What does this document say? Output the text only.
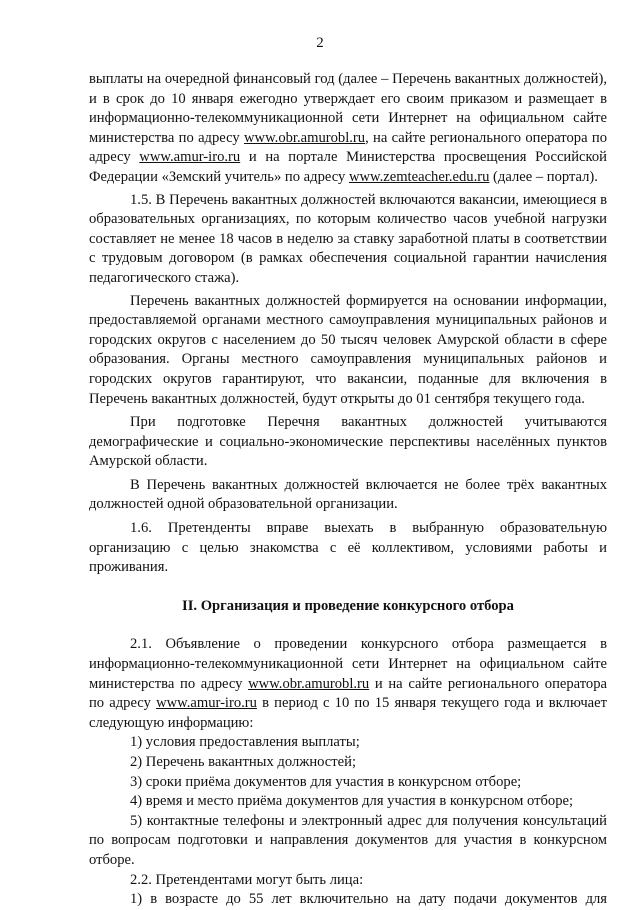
2

выплаты на очередной финансовый год (далее – Перечень вакантных должностей), и в срок до 10 января ежегодно утверждает его своим приказом и размещает в информационно-телекоммуникационной сети Интернет на официальном сайте министерства по адресу www.obr.amurobl.ru, на сайте регионального оператора по адресу www.amur-iro.ru и на портале Министерства просвещения Российской Федерации «Земский учитель» по адресу www.zemteacher.edu.ru (далее – портал).

1.5. В Перечень вакантных должностей включаются вакансии, имеющиеся в образовательных организациях, по которым количество часов учебной нагрузки составляет не менее 18 часов в неделю за ставку заработной платы в соответствии с трудовым договором (в рамках обеспечения социальной гарантии начисления педагогического стажа).

Перечень вакантных должностей формируется на основании информации, предоставляемой органами местного самоуправления муниципальных районов и городских округов с населением до 50 тысяч человек Амурской области в сфере образования. Органы местного самоуправления муниципальных районов и городских округов гарантируют, что вакансии, поданные для включения в Перечень вакантных должностей, будут открыты до 01 сентября текущего года.

При подготовке Перечня вакантных должностей учитываются демографические и социально-экономические перспективы населённых пунктов Амурской области.

В Перечень вакантных должностей включается не более трёх вакантных должностей одной образовательной организации.

1.6. Претенденты вправе выехать в выбранную образовательную организацию с целью знакомства с её коллективом, условиями работы и проживания.

II. Организация и проведение конкурсного отбора

2.1. Объявление о проведении конкурсного отбора размещается в информационно-телекоммуникационной сети Интернет на официальном сайте министерства по адресу www.obr.amurobl.ru и на сайте регионального оператора по адресу www.amur-iro.ru в период с 10 по 15 января текущего года и включает следующую информацию:

1) условия предоставления выплаты;

2) Перечень вакантных должностей;

3) сроки приёма документов для участия в конкурсном отборе;

4) время и место приёма документов для участия в конкурсном отборе;

5) контактные телефоны и электронный адрес для получения консультаций по вопросам подготовки и направления документов для участия в конкурсном отборе.

2.2. Претендентами могут быть лица:

1) в возрасте до 55 лет включительно на дату подачи документов для
